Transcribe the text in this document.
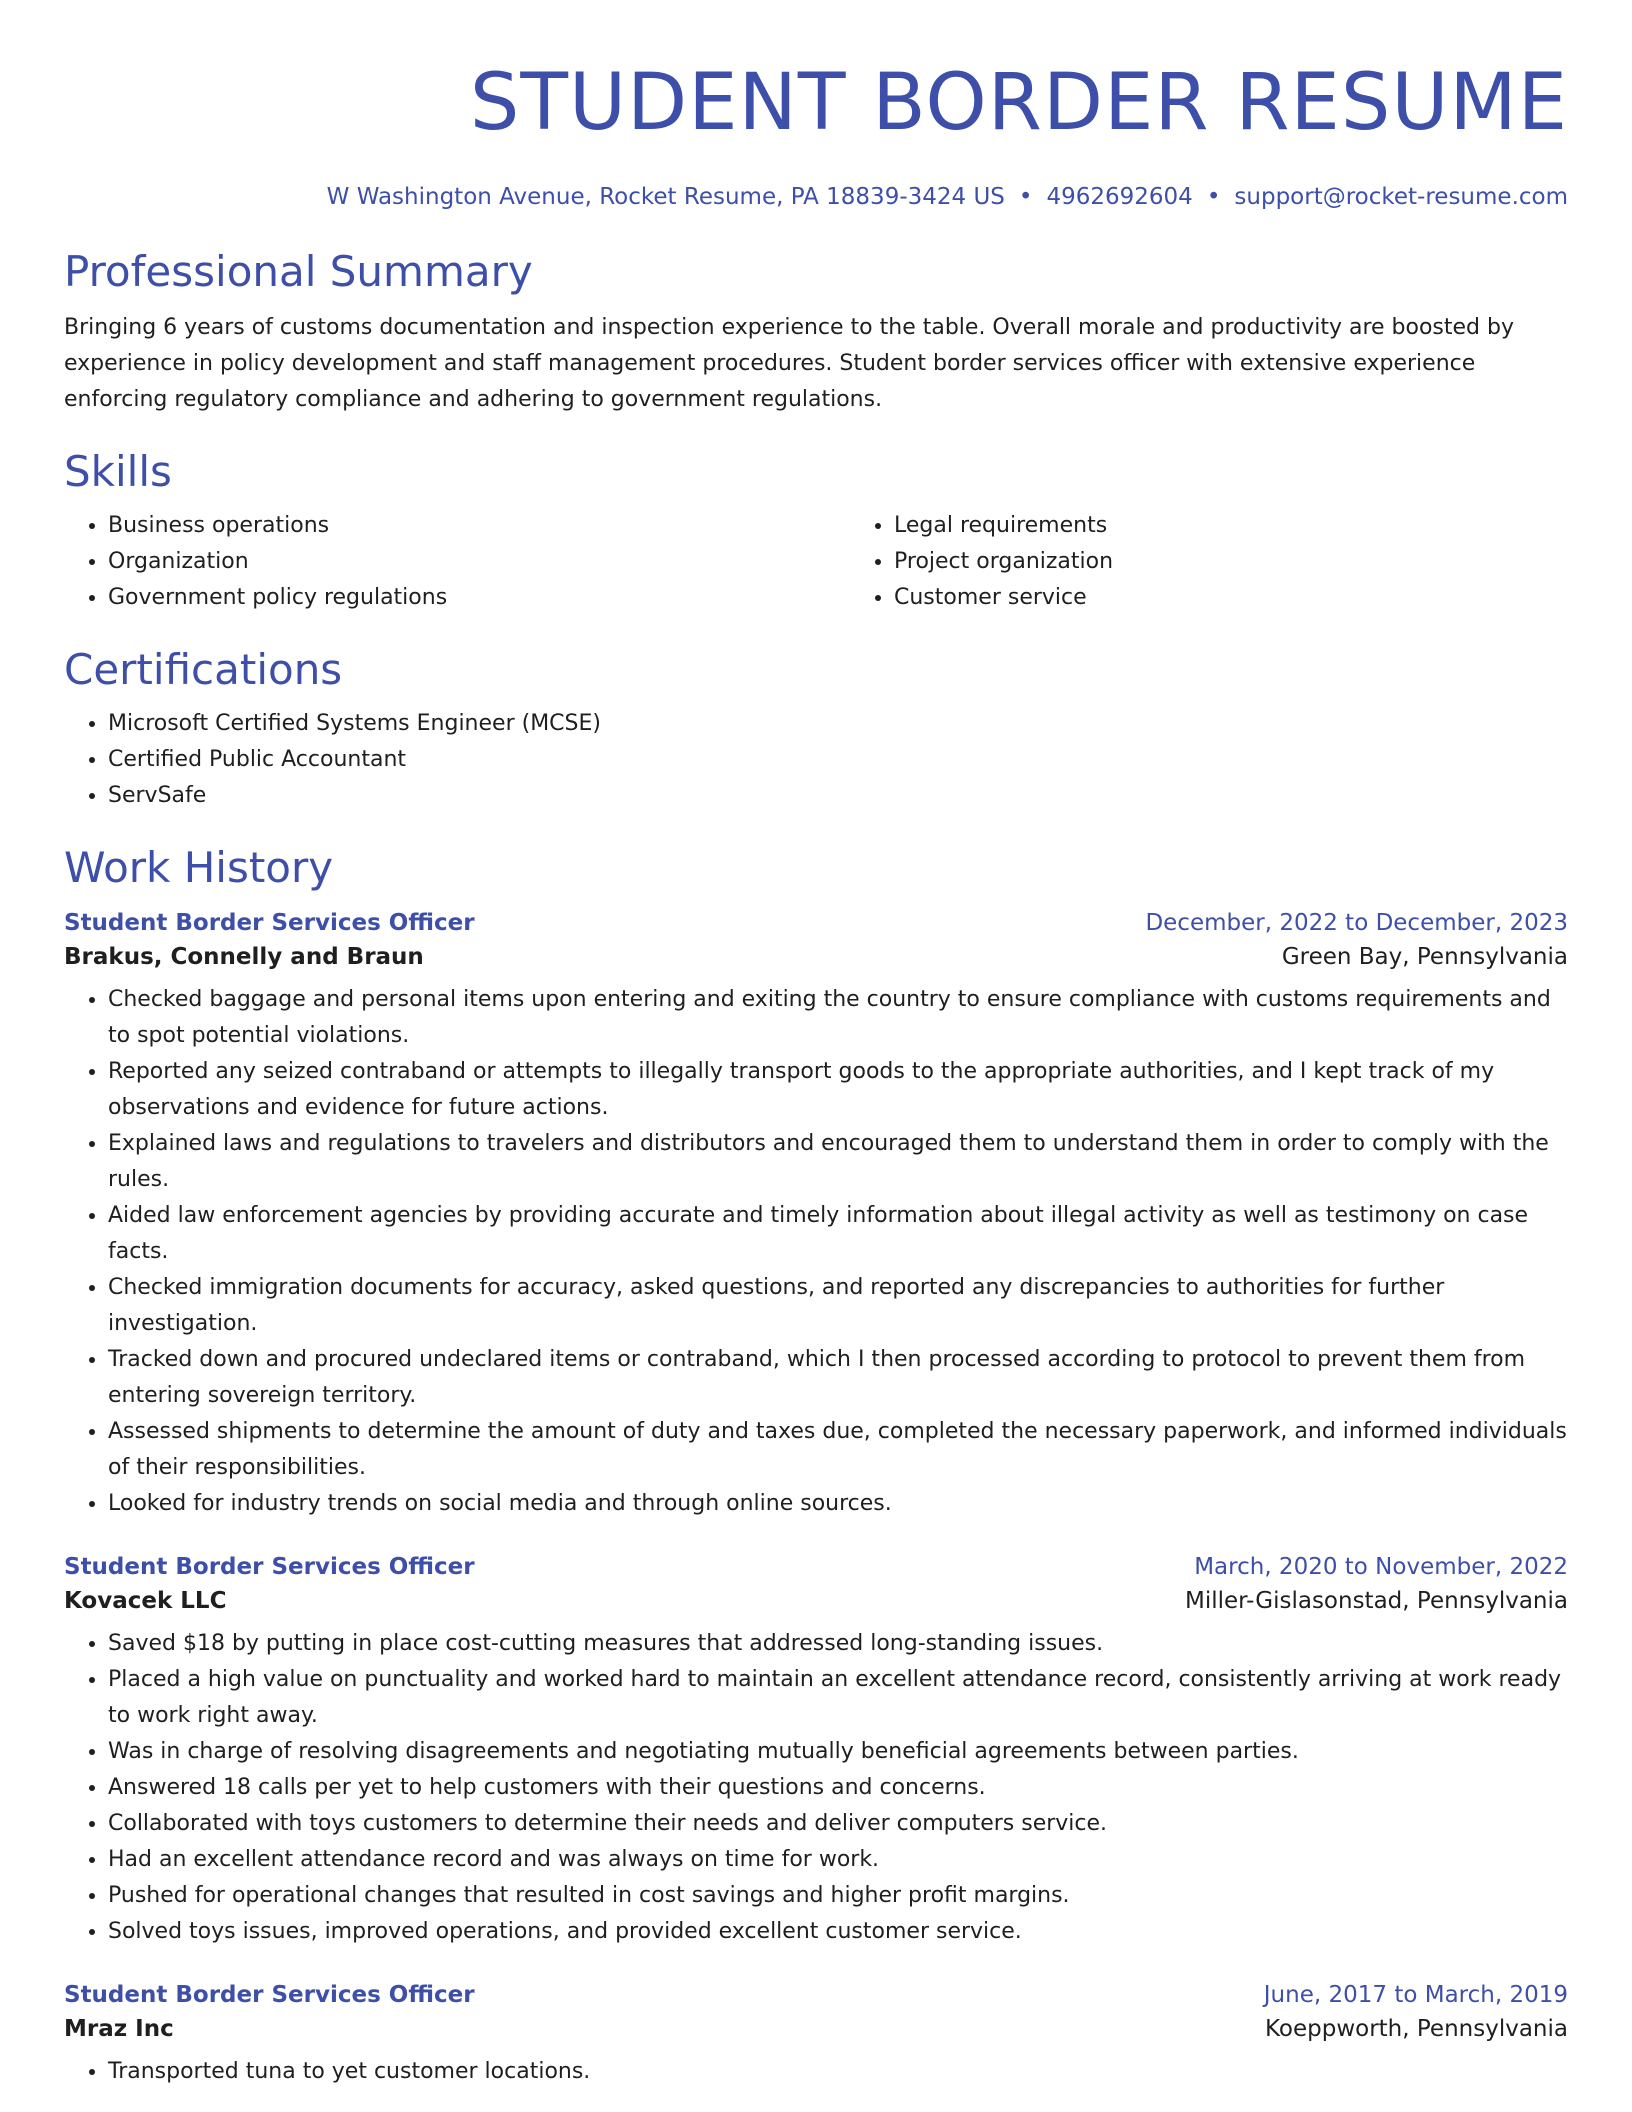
STUDENT BORDER RESUME
W Washington Avenue, Rocket Resume, PA 18839-3424 US • 4962692604 • support@rocket-resume.com
Professional Summary

Bringing 6 years of customs documentation and inspection experience to the table. Overall morale and productivity are boosted by experience in policy development and staff management procedures. Student border services officer with extensive experience enforcing regulatory compliance and adhering to government regulations.

Skills
• Business operations
• Organization
• Government policy regulations
• Legal requirements
• Project organization
• Customer service
Certifications
• Microsoft Certified Systems Engineer (MCSE)
• Certified Public Accountant
• ServSafe
Work History
Student Border Services Officer	December, 2022 to December, 2023
Brakus, Connelly and Braun	Green Bay, Pennsylvania
• Checked baggage and personal items upon entering and exiting the country to ensure compliance with customs requirements and to spot potential violations.
• Reported any seized contraband or attempts to illegally transport goods to the appropriate authorities, and I kept track of my observations and evidence for future actions.
• Explained laws and regulations to travelers and distributors and encouraged them to understand them in order to comply with the rules.
• Aided law enforcement agencies by providing accurate and timely information about illegal activity as well as testimony on case facts.
• Checked immigration documents for accuracy, asked questions, and reported any discrepancies to authorities for further investigation.
• Tracked down and procured undeclared items or contraband, which I then processed according to protocol to prevent them from entering sovereign territory.
• Assessed shipments to determine the amount of duty and taxes due, completed the necessary paperwork, and informed individuals of their responsibilities.
• Looked for industry trends on social media and through online sources.
Student Border Services Officer	March, 2020 to November, 2022
Kovacek LLC	Miller-Gislasonstad, Pennsylvania
• Saved $18 by putting in place cost-cutting measures that addressed long-standing issues.
• Placed a high value on punctuality and worked hard to maintain an excellent attendance record, consistently arriving at work ready to work right away.
• Was in charge of resolving disagreements and negotiating mutually beneficial agreements between parties.
• Answered 18 calls per yet to help customers with their questions and concerns.
• Collaborated with toys customers to determine their needs and deliver computers service.
• Had an excellent attendance record and was always on time for work.
• Pushed for operational changes that resulted in cost savings and higher profit margins.
• Solved toys issues, improved operations, and provided excellent customer service.
Student Border Services Officer	June, 2017 to March, 2019
Mraz Inc	Koeppworth, Pennsylvania
• Transported tuna to yet customer locations.
